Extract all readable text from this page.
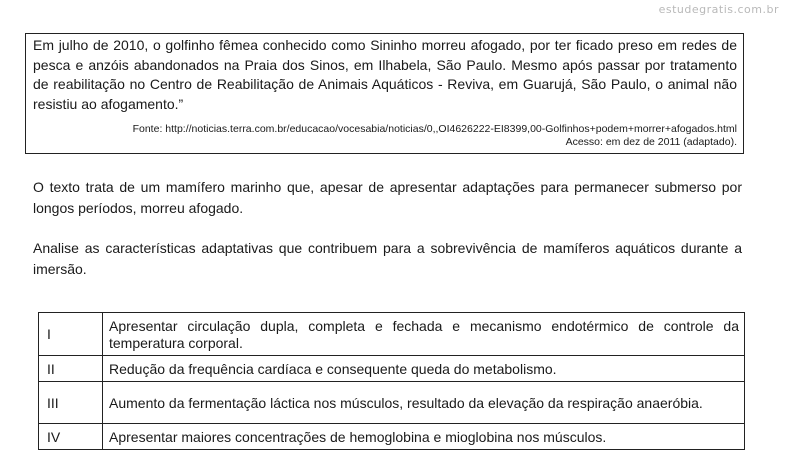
estudegratis.com.br

Em julho de 2010, o golfinho fêmea conhecido como Sininho morreu afogado, por ter ficado preso em redes de pesca e anzóis abandonados na Praia dos Sinos, em Ilhabela, São Paulo. Mesmo após passar por tratamento de reabilitação no Centro de Reabilitação de Animais Aquáticos - Reviva, em Guarujá, São Paulo, o animal não resistiu ao afogamento.”

Fonte: http://noticias.terra.com.br/educacao/vocesabia/noticias/0,,OI4626222-EI8399,00-Golfinhos+podem+morrer+afogados.html
Acesso: em dez de 2011 (adaptado).

O texto trata de um mamífero marinho que, apesar de apresentar adaptações para permanecer submerso por longos períodos, morreu afogado.

Analise as características adaptativas que contribuem para a sobrevivência de mamíferos aquáticos durante a imersão.

I	Apresentar circulação dupla, completa e fechada e mecanismo endotérmico de controle da temperatura corporal.
II	Redução da frequência cardíaca e consequente queda do metabolismo.
III	Aumento da fermentação láctica nos músculos, resultado da elevação da respiração anaeróbia.
IV	Apresentar maiores concentrações de hemoglobina e mioglobina nos músculos.
